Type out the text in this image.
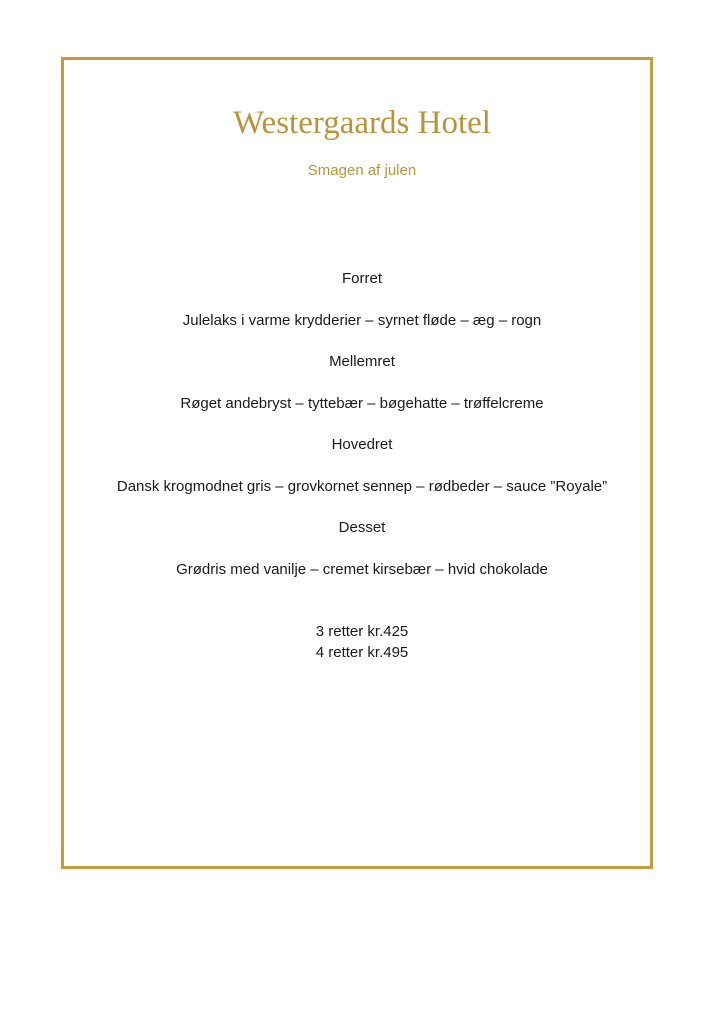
Westergaards Hotel
Smagen af julen
Forret
Julelaks i varme krydderier – syrnet fløde – æg – rogn
Mellemret
Røget andebryst – tyttebær – bøgehatte – trøffelcreme
Hovedret
Dansk krogmodnet gris – grovkornet sennep – rødbeder – sauce ”Royale”
Desset
Grødris med vanilje – cremet kirsebær – hvid chokolade
3 retter kr.425
4 retter kr.495
